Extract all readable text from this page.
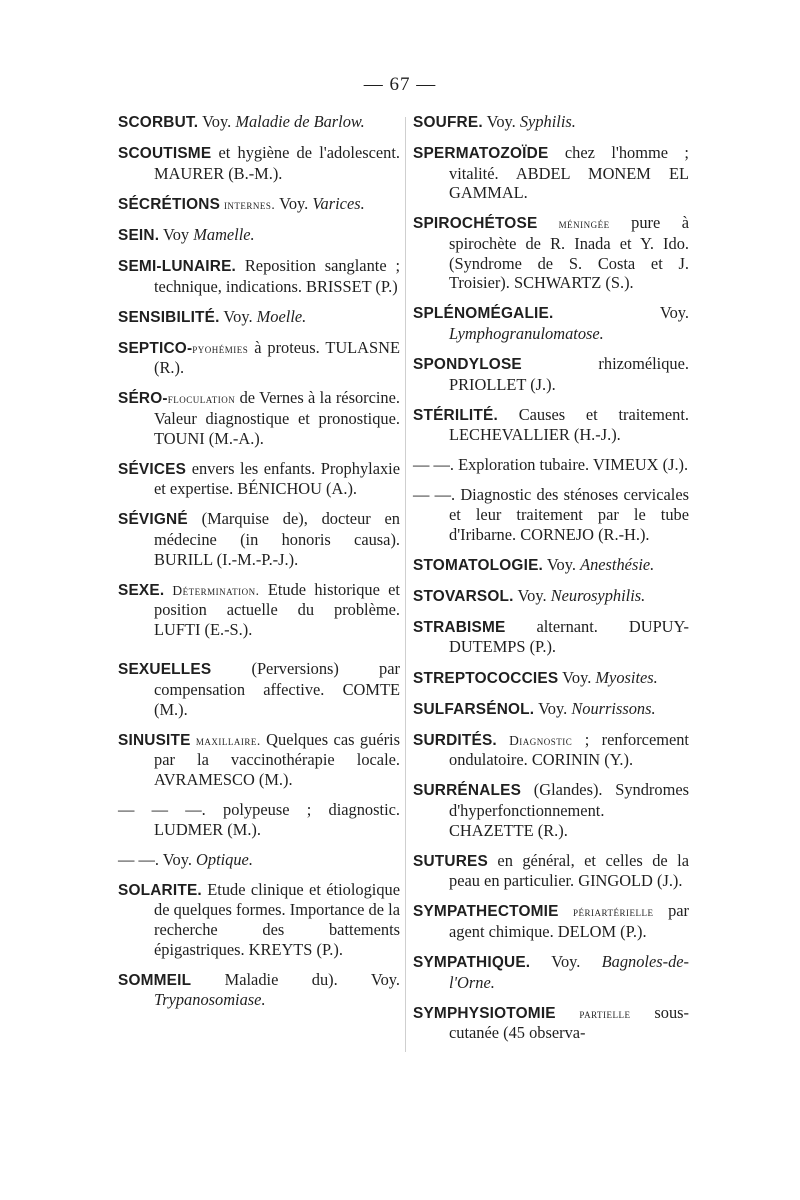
— 67 —
SCORBUT. Voy. Maladie de Barlow.
SCOUTISME et hygiène de l'adolescent. MAURER (B.-M.).
SÉCRÉTIONS internes. Voy. Varices.
SEIN. Voy Mamelle.
SEMI-LUNAIRE. Reposition sanglante ; technique, indications. BRISSET (P.)
SENSIBILITÉ. Voy. Moelle.
SEPTICO-pyohémies à proteus. TULASNE (R.).
SÉRO-floculation de Vernes à la résorcine. Valeur diagnostique et pronostique. TOUNI (M.-A.).
SÉVICES envers les enfants. Prophylaxie et expertise. BÉNICHOU (A.).
SÉVIGNÉ (Marquise de), docteur en médecine (in honoris causa). BURILL (I.-M.-P.-J.).
SEXE. Détermination. Etude historique et position actuelle du problème. LUFTI (E.-S.).
SEXUELLES (Perversions) par compensation affective. COMTE (M.).
SINUSITE maxillaire. Quelques cas guéris par la vaccinothérapie locale. AVRAMESCO (M.).
— — —. polypeuse ; diagnostic. LUDMER (M.).
— —. Voy. Optique.
SOLARITE. Etude clinique et étiologique de quelques formes. Importance de la recherche des battements épigastriques. KREYTS (P.).
SOMMEIL Maladie du). Voy. Trypanosomiase.
SOUFRE. Voy. Syphilis.
SPERMATOZOÏDE chez l'homme ; vitalité. ABDEL MONEM EL GAMMAL.
SPIROCHÉTOSE méningée pure à spirochète de R. Inada et Y. Ido. (Syndrome de S. Costa et J. Troisier). SCHWARTZ (S.).
SPLÉNOMÉGALIE. Voy. Lymphogranulomatose.
SPONDYLOSE rhizomélique. PRIOLLET (J.).
STÉRILITÉ. Causes et traitement. LECHEVALLIER (H.-J.).
— —. Exploration tubaire. VIMEUX (J.).
— —. Diagnostic des sténoses cervicales et leur traitement par le tube d'Iribarne. CORNEJO (R.-H.).
STOMATOLOGIE. Voy. Anesthésie.
STOVARSOL. Voy. Neurosyphilis.
STRABISME alternant. DUPUY-DUTEMPS (P.).
STREPTOCOCCIES Voy. Myosites.
SULFARSÉNOL. Voy. Nourrissons.
SURDITÉS. Diagnostic ; renforcement ondulatoire. CORININ (Y.).
SURRÉNALES (Glandes). Syndromes d'hyperfonctionnement. CHAZETTE (R.).
SUTURES en général, et celles de la peau en particulier. GINGOLD (J.).
SYMPATHECTOMIE périartérielle par agent chimique. DELOM (P.).
SYMPATHIQUE. Voy. Bagnoles-de-l'Orne.
SYMPHYSIOTOMIE partielle sous-cutanée (45 observa-
